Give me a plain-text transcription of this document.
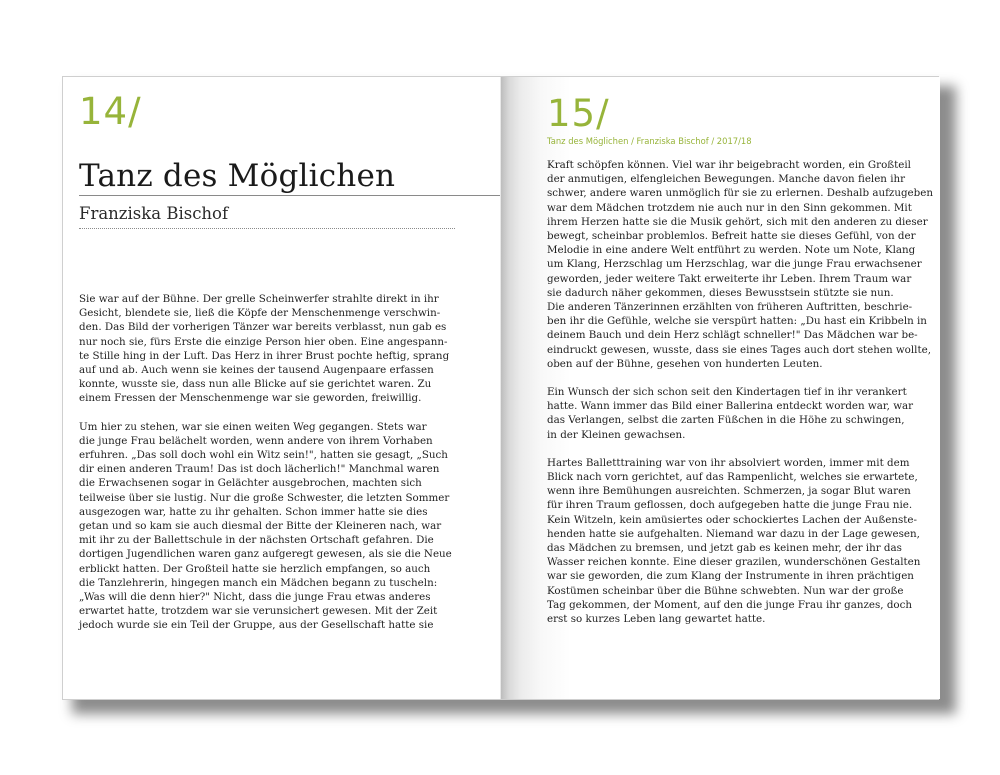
14/
Tanz des Möglichen
Franziska Bischof

Sie war auf der Bühne. Der grelle Scheinwerfer strahlte direkt in ihr
Gesicht, blendete sie, ließ die Köpfe der Menschenmenge verschwin-
den. Das Bild der vorherigen Tänzer war bereits verblasst, nun gab es
nur noch sie, fürs Erste die einzige Person hier oben. Eine angespann-
te Stille hing in der Luft. Das Herz in ihrer Brust pochte heftig, sprang
auf und ab. Auch wenn sie keines der tausend Augenpaare erfassen
konnte, wusste sie, dass nun alle Blicke auf sie gerichtet waren. Zu
einem Fressen der Menschenmenge war sie geworden, freiwillig.

Um hier zu stehen, war sie einen weiten Weg gegangen. Stets war
die junge Frau belächelt worden, wenn andere von ihrem Vorhaben
erfuhren. „Das soll doch wohl ein Witz sein!", hatten sie gesagt, „Such
dir einen anderen Traum! Das ist doch lächerlich!" Manchmal waren
die Erwachsenen sogar in Gelächter ausgebrochen, machten sich
teilweise über sie lustig. Nur die große Schwester, die letzten Sommer
ausgezogen war, hatte zu ihr gehalten. Schon immer hatte sie dies
getan und so kam sie auch diesmal der Bitte der Kleineren nach, war
mit ihr zu der Ballettschule in der nächsten Ortschaft gefahren. Die
dortigen Jugendlichen waren ganz aufgeregt gewesen, als sie die Neue
erblickt hatten. Der Großteil hatte sie herzlich empfangen, so auch
die Tanzlehrerin, hingegen manch ein Mädchen begann zu tuscheln:
„Was will die denn hier?" Nicht, dass die junge Frau etwas anderes
erwartet hatte, trotzdem war sie verunsichert gewesen. Mit der Zeit
jedoch wurde sie ein Teil der Gruppe, aus der Gesellschaft hatte sie

15/
Tanz des Möglichen / Franziska Bischof / 2017/18

Kraft schöpfen können. Viel war ihr beigebracht worden, ein Großteil
der anmutigen, elfengleichen Bewegungen. Manche davon fielen ihr
schwer, andere waren unmöglich für sie zu erlernen. Deshalb aufzugeben
war dem Mädchen trotzdem nie auch nur in den Sinn gekommen. Mit
ihrem Herzen hatte sie die Musik gehört, sich mit den anderen zu dieser
bewegt, scheinbar problemlos. Befreit hatte sie dieses Gefühl, von der
Melodie in eine andere Welt entführt zu werden. Note um Note, Klang
um Klang, Herzschlag um Herzschlag, war die junge Frau erwachsener
geworden, jeder weitere Takt erweiterte ihr Leben. Ihrem Traum war
sie dadurch näher gekommen, dieses Bewusstsein stützte sie nun.
Die anderen Tänzerinnen erzählten von früheren Auftritten, beschrie-
ben ihr die Gefühle, welche sie verspürt hatten: „Du hast ein Kribbeln in
deinem Bauch und dein Herz schlägt schneller!" Das Mädchen war be-
eindruckt gewesen, wusste, dass sie eines Tages auch dort stehen wollte,
oben auf der Bühne, gesehen von hunderten Leuten.

Ein Wunsch der sich schon seit den Kindertagen tief in ihr verankert
hatte. Wann immer das Bild einer Ballerina entdeckt worden war, war
das Verlangen, selbst die zarten Füßchen in die Höhe zu schwingen,
in der Kleinen gewachsen.

Hartes Balletttraining war von ihr absolviert worden, immer mit dem
Blick nach vorn gerichtet, auf das Rampenlicht, welches sie erwartete,
wenn ihre Bemühungen ausreichten. Schmerzen, ja sogar Blut waren
für ihren Traum geflossen, doch aufgegeben hatte die junge Frau nie.
Kein Witzeln, kein amüsiertes oder schockiertes Lachen der Außenste-
henden hatte sie aufgehalten. Niemand war dazu in der Lage gewesen,
das Mädchen zu bremsen, und jetzt gab es keinen mehr, der ihr das
Wasser reichen konnte. Eine dieser grazilen, wunderschönen Gestalten
war sie geworden, die zum Klang der Instrumente in ihren prächtigen
Kostümen scheinbar über die Bühne schwebten. Nun war der große
Tag gekommen, der Moment, auf den die junge Frau ihr ganzes, doch
erst so kurzes Leben lang gewartet hatte.
